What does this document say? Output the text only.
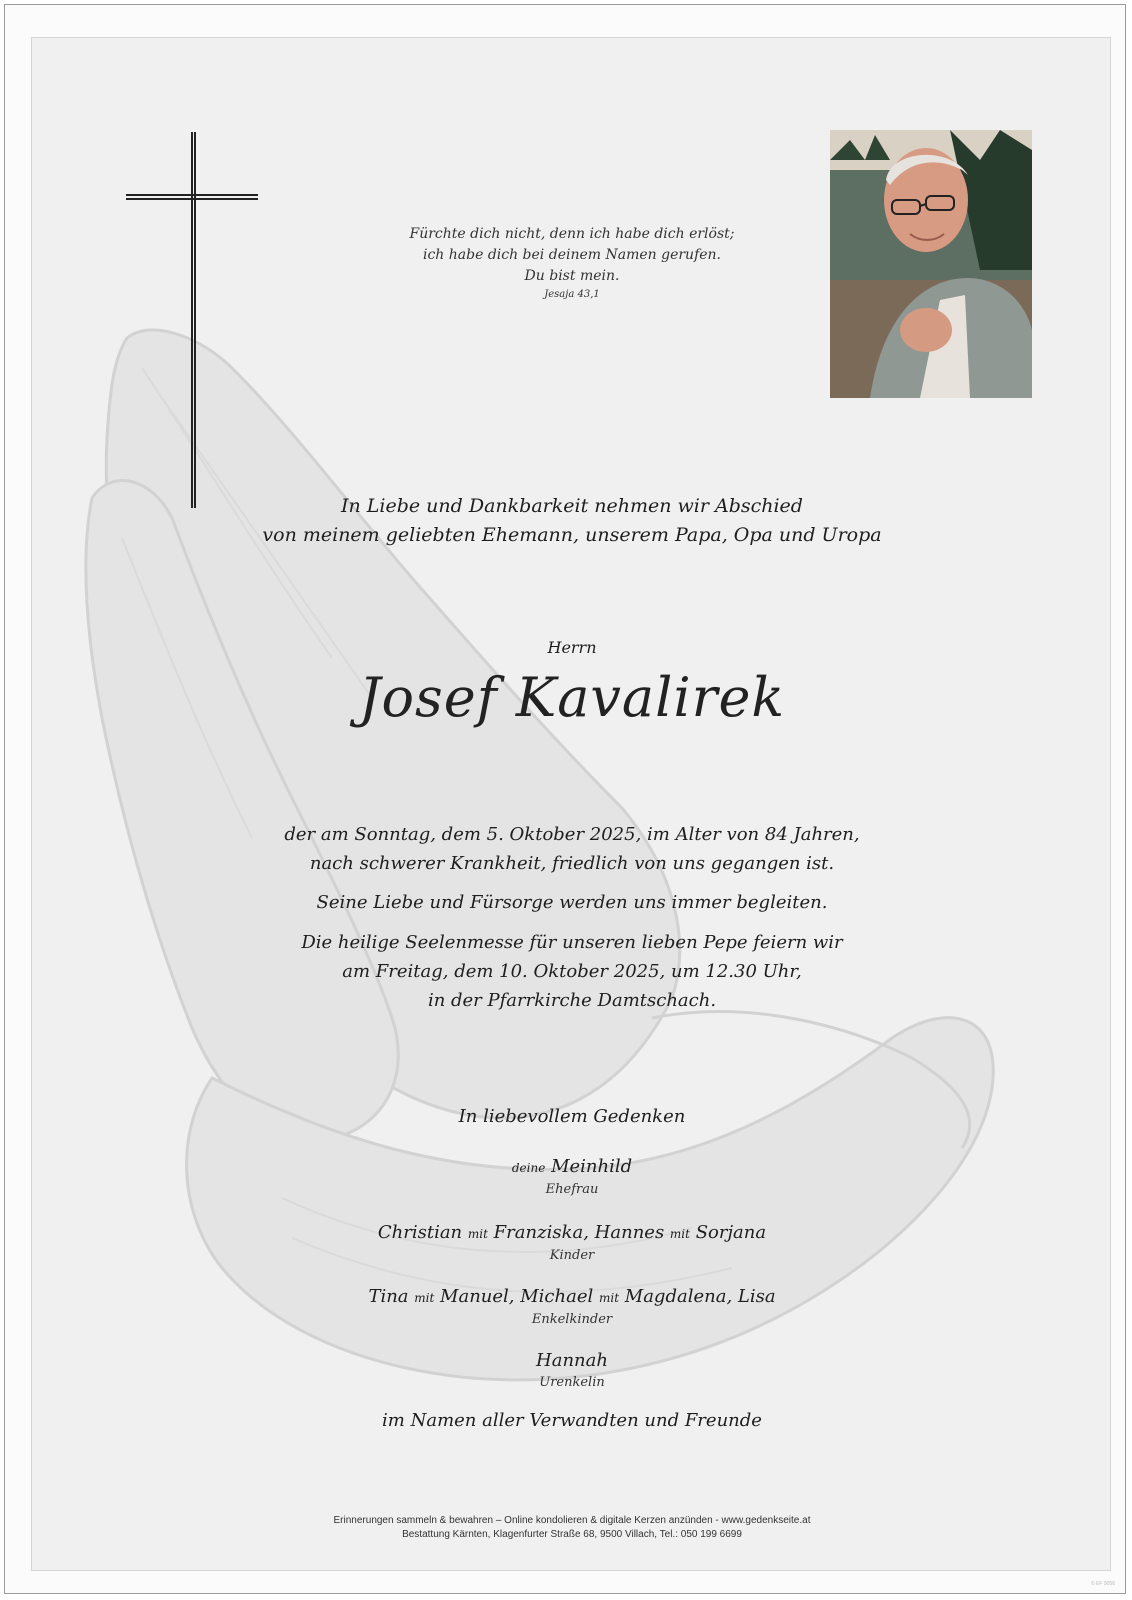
Fürchte dich nicht, denn ich habe dich erlöst;

ich habe dich bei deinem Namen gerufen.

Du bist mein.

Jesaja 43,1

In Liebe und Dankbarkeit nehmen wir Abschied

von meinem geliebten Ehemann, unserem Papa, Opa und Uropa

Herrn
Josef Kavalirek

der am Sonntag, dem 5. Oktober 2025, im Alter von 84 Jahren,

nach schwerer Krankheit, friedlich von uns gegangen ist.

Seine Liebe und Fürsorge werden uns immer begleiten.

Die heilige Seelenmesse für unseren lieben Pepe feiern wir

am Freitag, dem 10. Oktober 2025, um 12.30 Uhr,

in der Pfarrkirche Damtschach.

In liebevollem Gedenken
deine Meinhild
Ehefrau
Christian mit Franziska, Hannes mit Sorjana
Kinder
Tina mit Manuel, Michael mit Magdalena, Lisa
Enkelkinder
Hannah
Urenkelin
im Namen aller Verwandten und Freunde
Erinnerungen sammeln & bewahren – Online kondolieren & digitale Kerzen anzünden - www.gedenkseite.at
Bestattung Kärnten, Klagenfurter Straße 68, 9500 Villach, Tel.: 050 199 6699
© EF 9056
